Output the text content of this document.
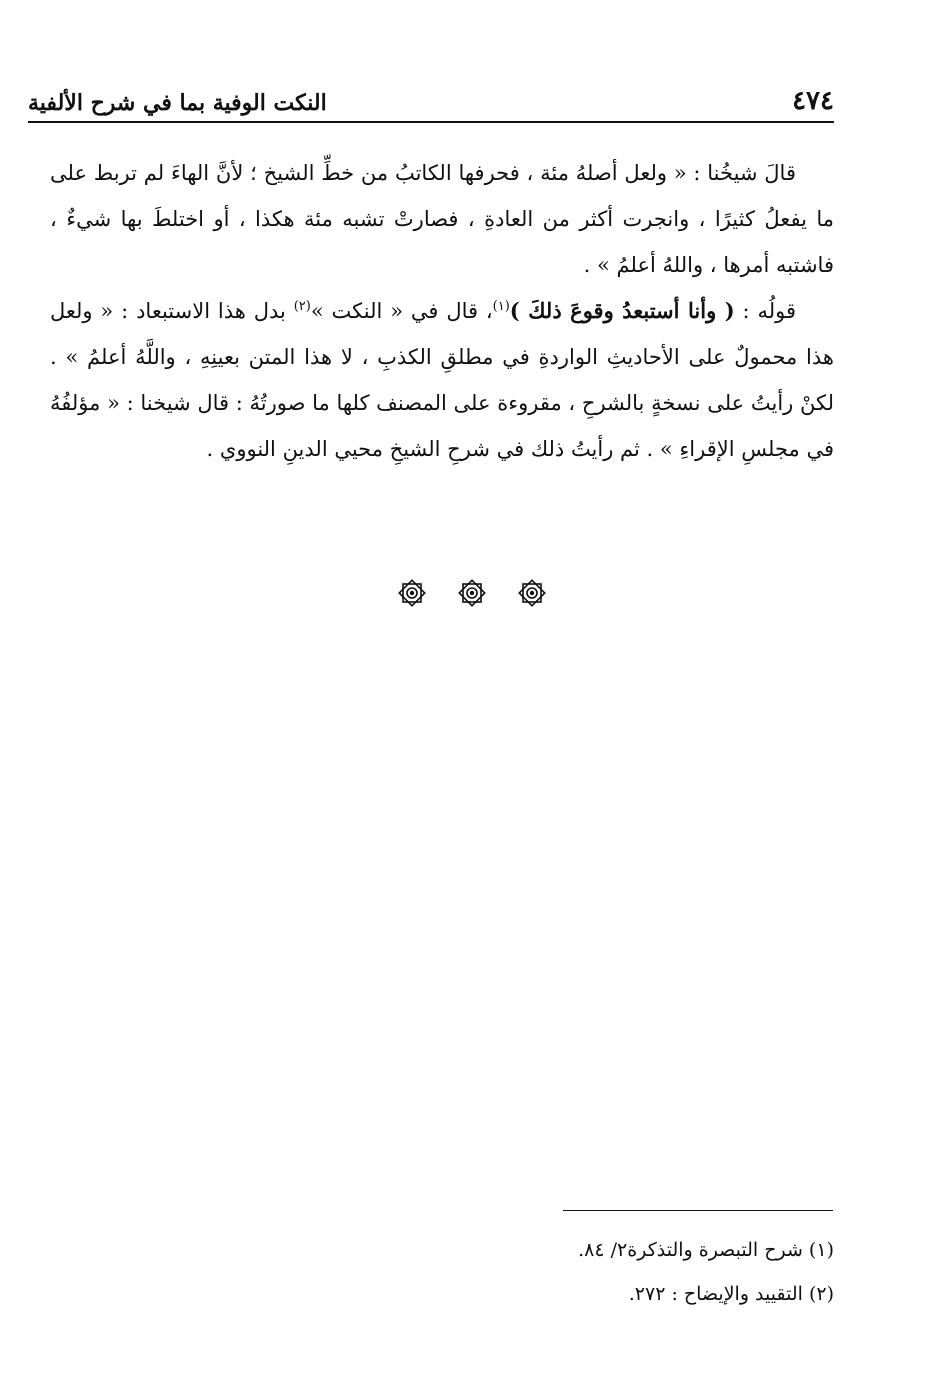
٤٧٤
النكت الوفية بما في شرح الألفية

قالَ شيخُنا : « ولعل أصلهُ مئة ، فحرفها الكاتبُ من خطِّ الشيخ ؛ لأنَّ الهاءَ لم تربط على ما يفعلُ كثيرًا ، وانجرت أكثر من العادةِ ، فصارتْ تشبه مئة هكذا ، أو اختلطَ بها شيءٌ ، فاشتبه أمرها ، واللهُ أعلمُ » .

قولُه : ( وأنا أستبعدُ وقوعَ ذلكَ )$^{(١)}$، قال في « النكت »$^{(٢)}$ بدل هذا الاستبعاد : « ولعل هذا محمولٌ على الأحاديثِ الواردةِ في مطلقِ الكذبِ ، لا هذا المتن بعينِهِ ، واللَّهُ أعلمُ » . لكنْ رأيتُ على نسخةٍ بالشرحِ ، مقروءة على المصنف كلها ما صورتُهُ : قال شيخنا : « مؤلفُهُ في مجلسِ الإقراءِ » . ثم رأيتُ ذلك في شرحِ الشيخِ محيي الدينِ النووي .

(١) شرح التبصرة والتذكرة٢/ ٨٤.

(٢) التقييد والإيضاح : ٢٧٢.
